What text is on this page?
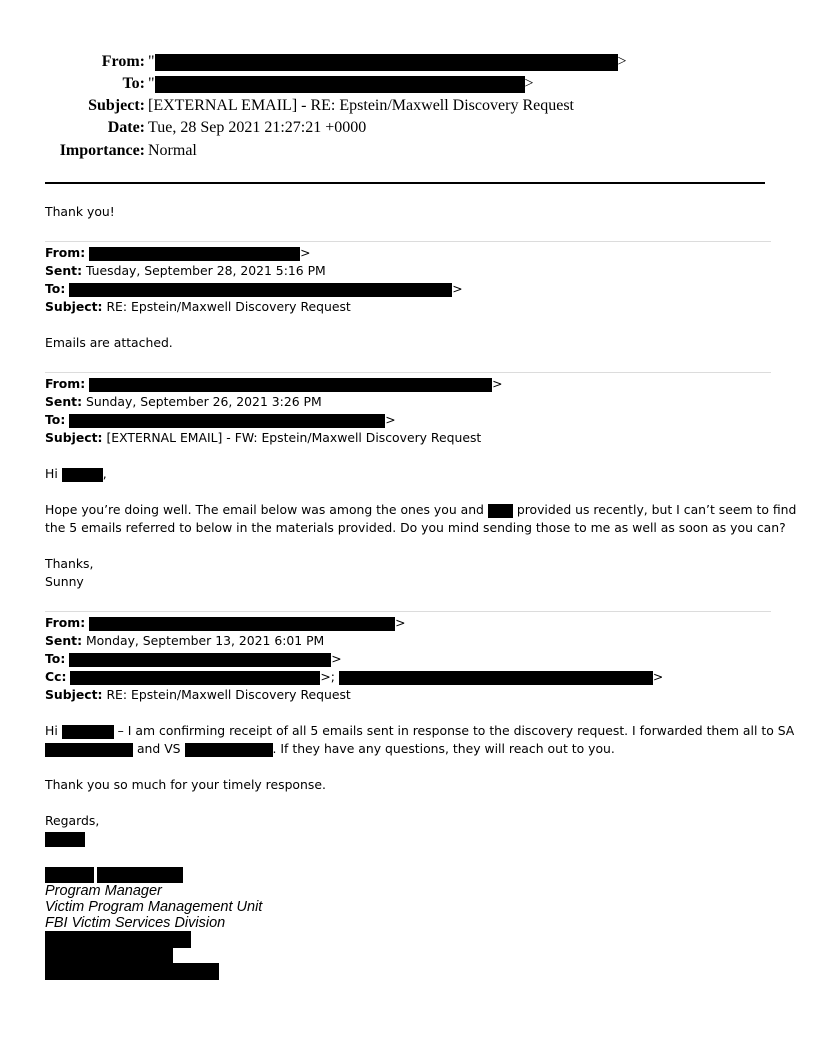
From: "	>
To: "	>
Subject: [EXTERNAL EMAIL] - RE: Epstein/Maxwell Discovery Request
Date: Tue, 28 Sep 2021 21:27:21 +0000
Importance: Normal
Thank you!
From:	>
Sent: Tuesday, September 28, 2021 5:16 PM
To:	>
Subject: RE: Epstein/Maxwell Discovery Request
Emails are attached.
From:	>
Sent: Sunday, September 26, 2021 3:26 PM
To:	>
Subject: [EXTERNAL EMAIL] - FW: Epstein/Maxwell Discovery Request
Hi	,
Hope you’re doing well. The email below was among the ones you and	provided us recently, but I can’t seem to find
the 5 emails referred to below in the materials provided. Do you mind sending those to me as well as soon as you can?
Thanks,
Sunny
From:	>
Sent: Monday, September 13, 2021 6:01 PM
To:	>
Cc:	>;	>
Subject: RE: Epstein/Maxwell Discovery Request
Hi	– I am confirming receipt of all 5 emails sent in response to the discovery request. I forwarded them all to SA
and VS	. If they have any questions, they will reach out to you.
Thank you so much for your timely response.
Regards,
Program Manager
Victim Program Management Unit
FBI Victim Services Division
